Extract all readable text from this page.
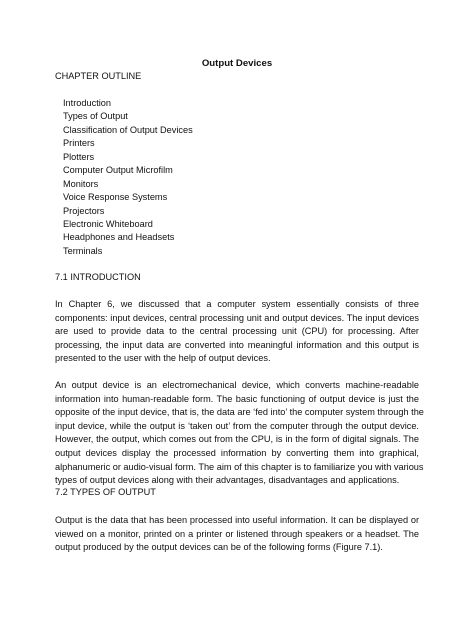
Output Devices
CHAPTER OUTLINE
Introduction
Types of Output
Classification of Output Devices
Printers
Plotters
Computer Output Microfilm
Monitors
Voice Response Systems
Projectors
Electronic Whiteboard
Headphones and Headsets
Terminals
7.1 INTRODUCTION

In Chapter 6, we discussed that a computer system essentially consists of three
components: input devices, central processing unit and output devices. The input devices
are used to provide data to the central processing unit (CPU) for processing. After
processing, the input data are converted into meaningful information and this output is
presented to the user with the help of output devices.

An output device is an electromechanical device, which converts machine-readable
information into human-readable form. The basic functioning of output device is just the
opposite of the input device, that is, the data are ‘fed into’ the computer system through the
input device, while the output is ‘taken out’ from the computer through the output device.
However, the output, which comes out from the CPU, is in the form of digital signals. The
output devices display the processed information by converting them into graphical,
alphanumeric or audio-visual form. The aim of this chapter is to familiarize you with various
types of output devices along with their advantages, disadvantages and applications.

7.2 TYPES OF OUTPUT

Output is the data that has been processed into useful information. It can be displayed or
viewed on a monitor, printed on a printer or listened through speakers or a headset. The
output produced by the output devices can be of the following forms (Figure 7.1).
